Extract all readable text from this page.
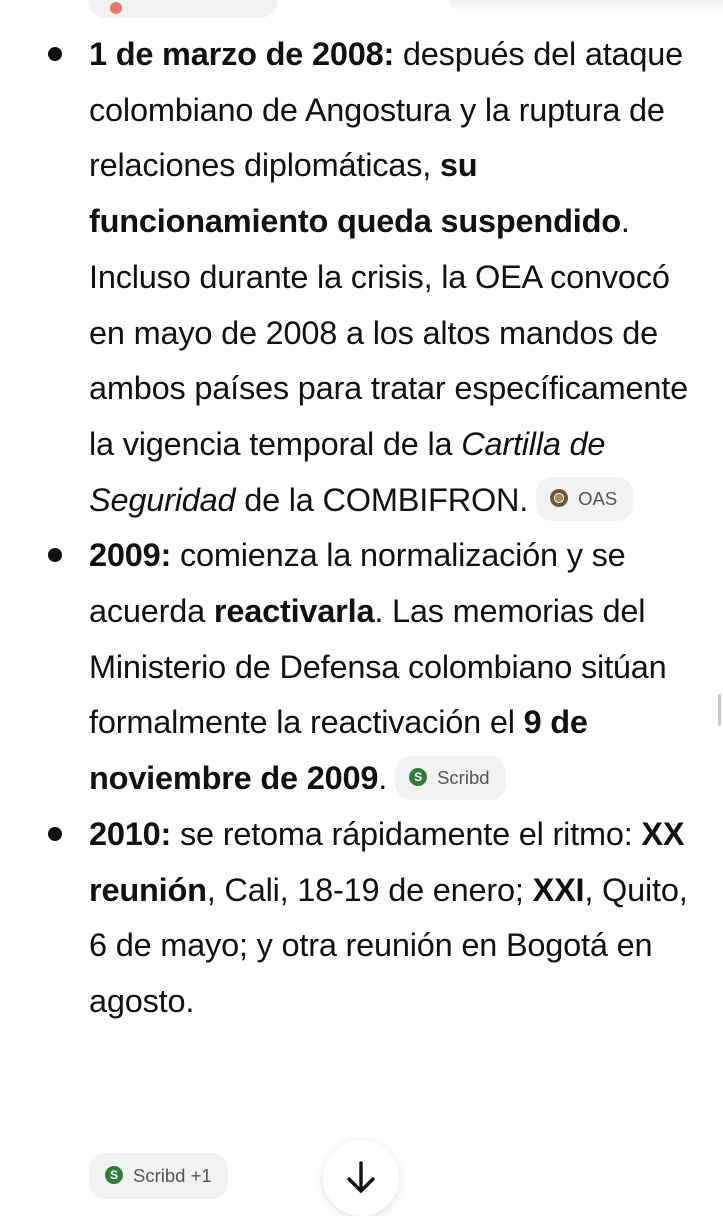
1 de marzo de 2008: después del ataque colombiano de Angostura y la ruptura de relaciones diplomáticas, su funcionamiento queda suspendido. Incluso durante la crisis, la OEA convocó en mayo de 2008 a los altos mandos de ambos países para tratar específicamente la vigencia temporal de la Cartilla de Seguridad de la COMBIFRON.	OAS
2009: comienza la normalización y se acuerda reactivarla. Las memorias del Ministerio de Defensa colombiano sitúan formalmente la reactivación el 9 de noviembre de 2009. S Scribd
2010: se retoma rápidamente el ritmo: XX reunión, Cali, 18-19 de enero; XXI, Quito, 6 de mayo; y otra reunión en Bogotá en agosto.
S Scribd +1
